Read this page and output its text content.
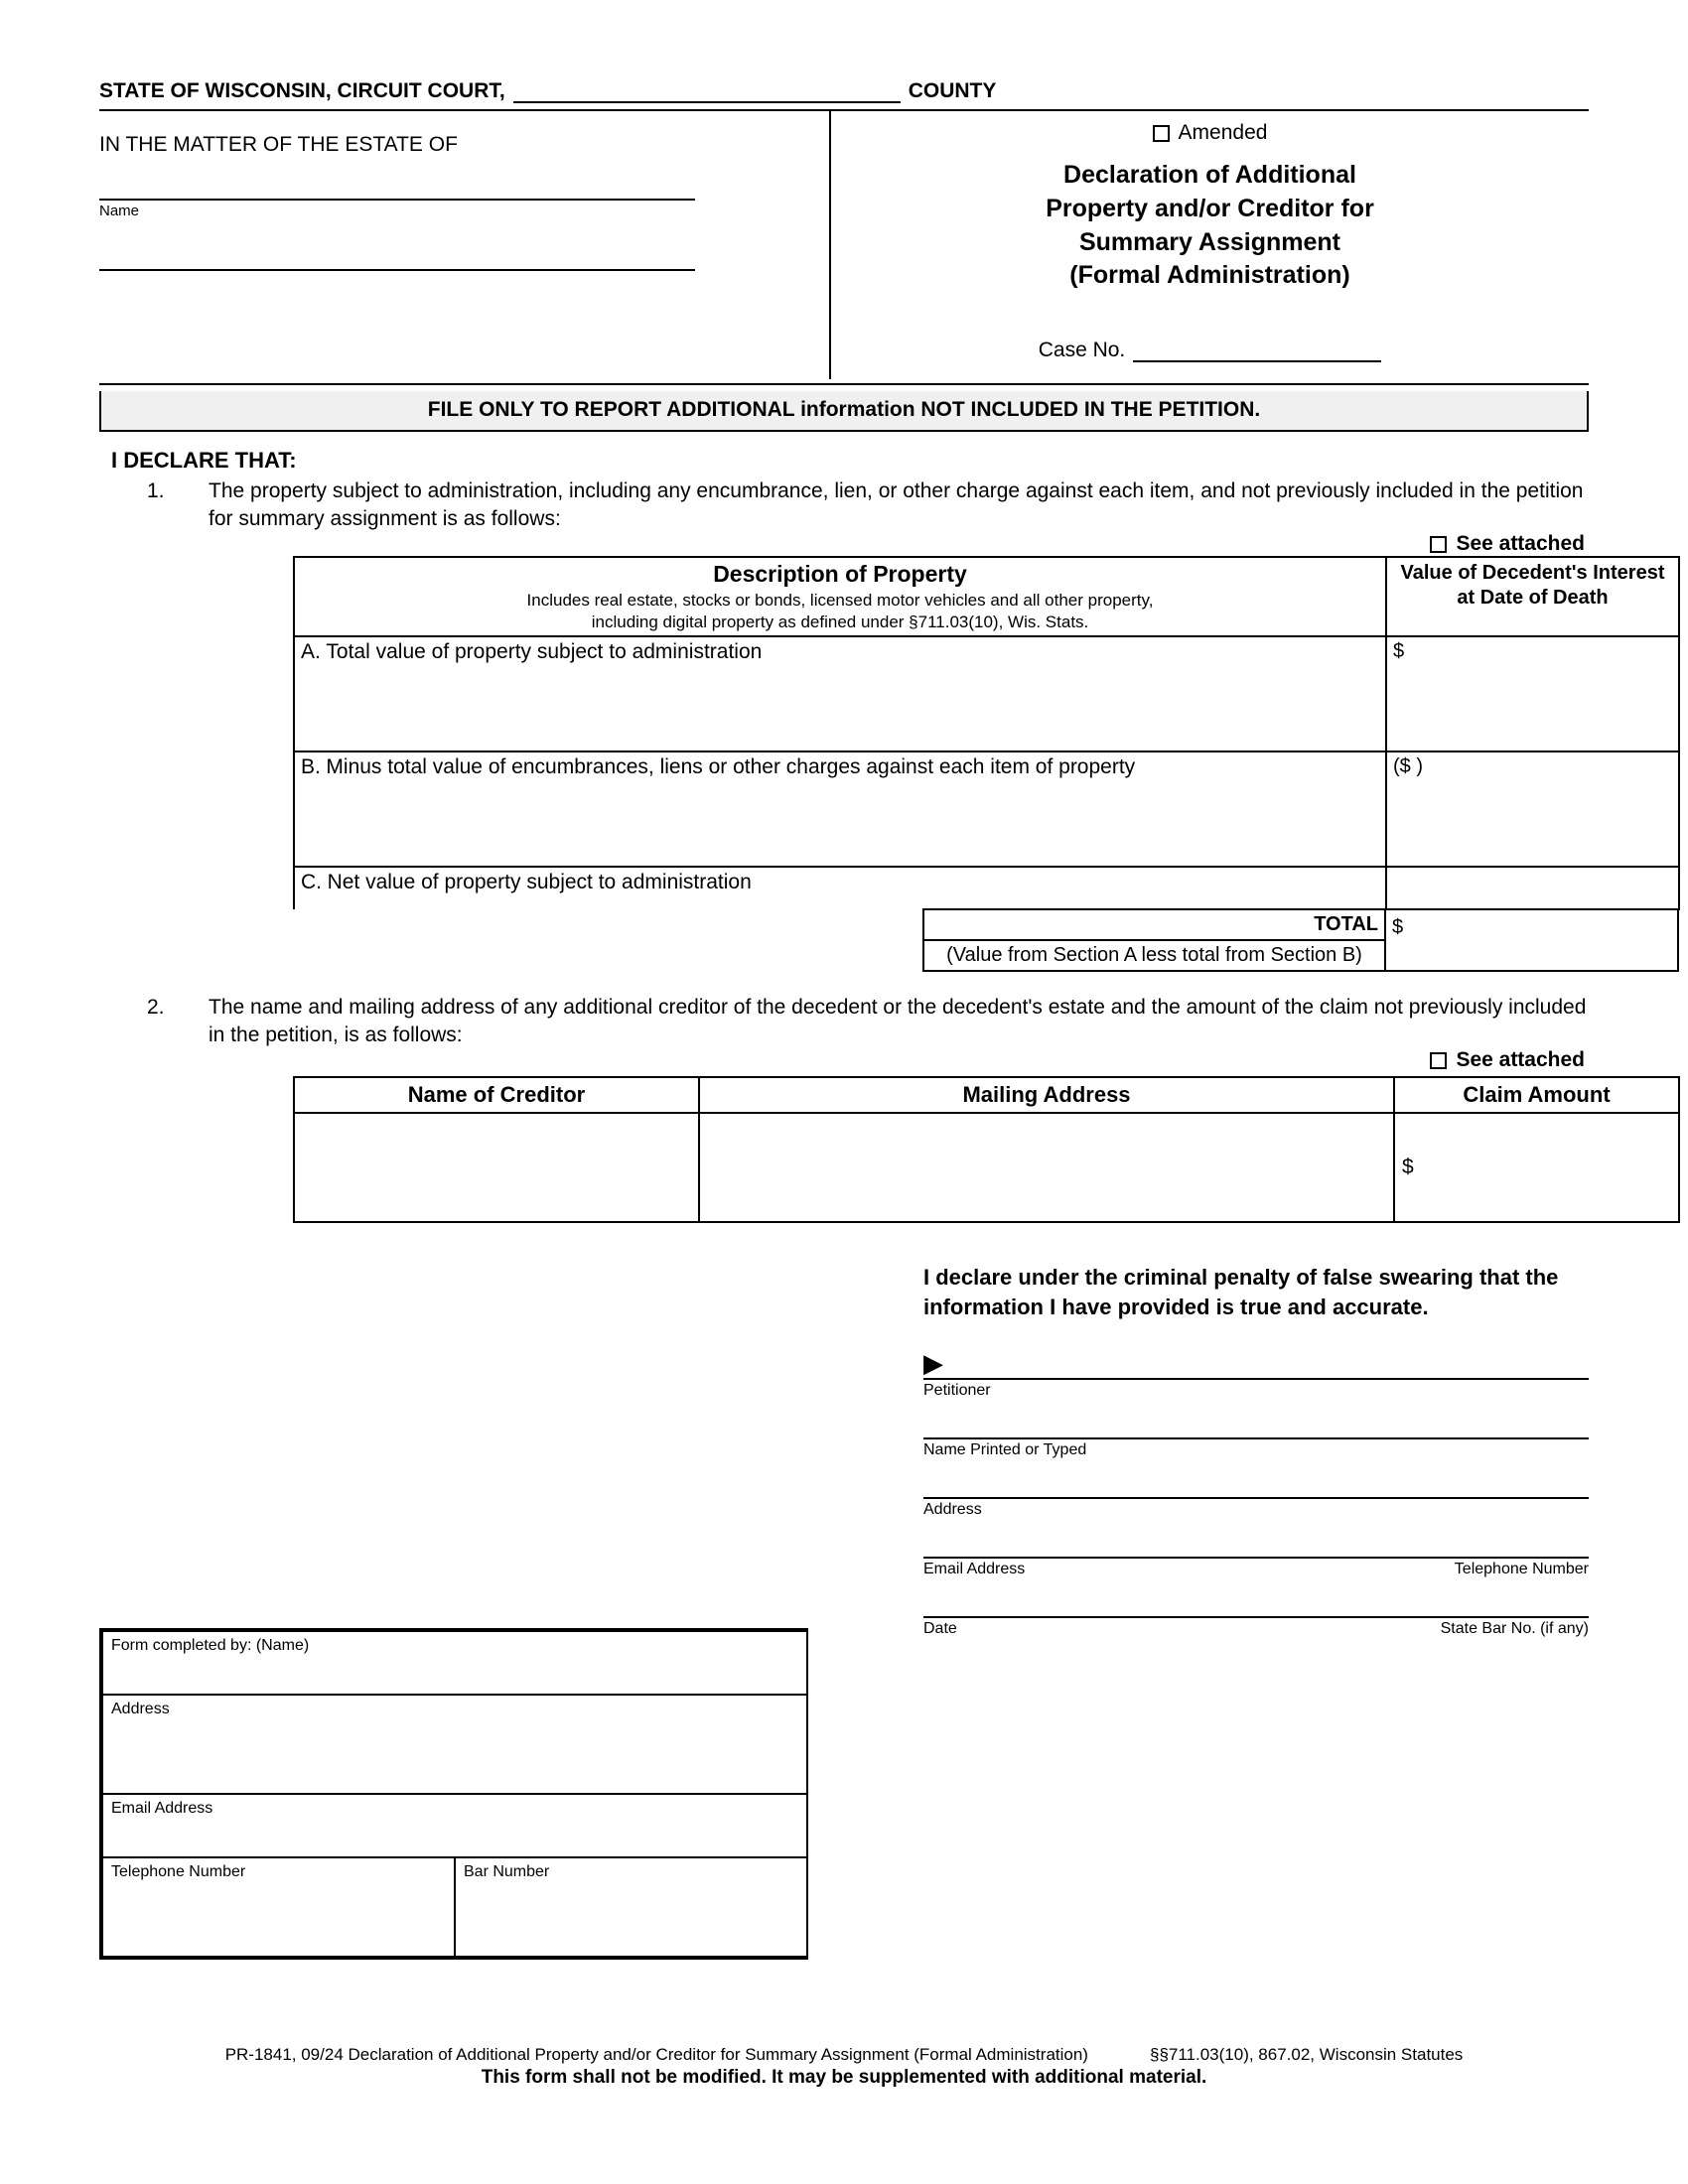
STATE OF WISCONSIN, CIRCUIT COURT,	COUNTY
IN THE MATTER OF THE ESTATE OF
Name
Amended
Declaration of Additional
Property and/or Creditor for
Summary Assignment
(Formal Administration)
Case No.
FILE ONLY TO REPORT ADDITIONAL information NOT INCLUDED IN THE PETITION.
I DECLARE THAT:
1.	The property subject to administration, including any encumbrance, lien, or other charge against each item, and not previously included in the petition for summary assignment is as follows:
See attached
Description of Property
Includes real estate, stocks or bonds, licensed motor vehicles and all other property,
including digital property as defined under §711.03(10), Wis. Stats.	Value of Decedent's Interest at Date of Death
A. Total value of property subject to administration	$
B. Minus total value of encumbrances, liens or other charges against each item of property	($ )
C. Net value of property subject to administration	
	TOTAL	$
	(Value from Section A less total from Section B)	
2.	The name and mailing address of any additional creditor of the decedent or the decedent's estate and the amount of the claim not previously included in the petition, is as follows:
See attached
Name of Creditor	Mailing Address	Claim Amount
		$
I declare under the criminal penalty of false swearing that the information I have provided is true and accurate.
▶
Petitioner
Name Printed or Typed
Address
Email Address	Telephone Number
Date	State Bar No. (if any)
Form completed by: (Name)
Address
Email Address
Telephone Number	Bar Number
PR-1841, 09/24 Declaration of Additional Property and/or Creditor for Summary Assignment (Formal Administration)	§§711.03(10), 867.02, Wisconsin Statutes
This form shall not be modified. It may be supplemented with additional material.
